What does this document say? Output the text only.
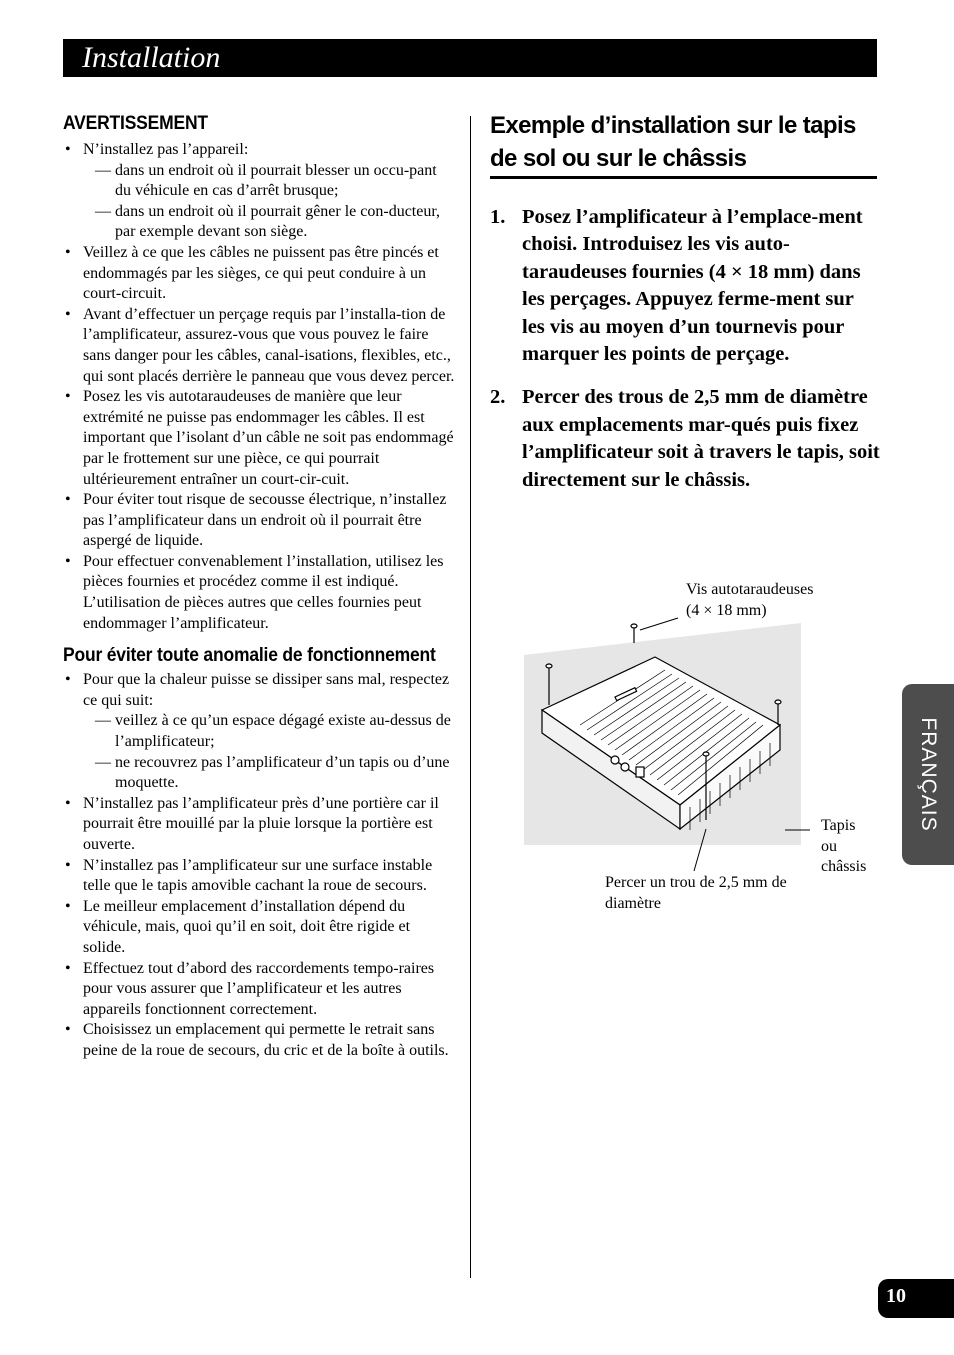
Installation
AVERTISSEMENT
• N’installez pas l’appareil:
— dans un endroit où il pourrait blesser un occu-pant du véhicule en cas d’arrêt brusque;
— dans un endroit où il pourrait gêner le con-ducteur, par exemple devant son siège.
• Veillez à ce que les câbles ne puissent pas être pincés et endommagés par les sièges, ce qui peut conduire à un court-circuit.
• Avant d’effectuer un perçage requis par l’installa-tion de l’amplificateur, assurez-vous que vous pouvez le faire sans danger pour les câbles, canal-isations, flexibles, etc., qui sont placés derrière le panneau que vous devez percer.
• Posez les vis autotaraudeuses de manière que leur extrémité ne puisse pas endommager les câbles. Il est important que l’isolant d’un câble ne soit pas endommagé par le frottement sur une pièce, ce qui pourrait ultérieurement entraîner un court-cir-cuit.
• Pour éviter tout risque de secousse électrique, n’installez pas l’amplificateur dans un endroit où il pourrait être aspergé de liquide.
• Pour effectuer convenablement l’installation, utilisez les pièces fournies et procédez comme il est indiqué. L’utilisation de pièces autres que celles fournies peut endommager l’amplificateur.
Pour éviter toute anomalie de fonctionnement
• Pour que la chaleur puisse se dissiper sans mal, respectez ce qui suit:
— veillez à ce qu’un espace dégagé existe au-dessus de l’amplificateur;
— ne recouvrez pas l’amplificateur d’un tapis ou d’une moquette.
• N’installez pas l’amplificateur près d’une portière car il pourrait être mouillé par la pluie lorsque la portière est ouverte.
• N’installez pas l’amplificateur sur une surface instable telle que le tapis amovible cachant la roue de secours.
• Le meilleur emplacement d’installation dépend du véhicule, mais, quoi qu’il en soit, doit être rigide et solide.
• Effectuez tout d’abord des raccordements tempo-raires pour vous assurer que l’amplificateur et les autres appareils fonctionnent correctement.
• Choisissez un emplacement qui permette le retrait sans peine de la roue de secours, du cric et de la boîte à outils.
Exemple d’installation sur le tapis de sol ou sur le châssis
1. Posez l’amplificateur à l’emplace-ment choisi. Introduisez les vis auto-taraudeuses fournies (4 × 18 mm) dans les perçages. Appuyez ferme-ment sur les vis au moyen d’un tournevis pour marquer les points de perçage.
2. Percer des trous de 2,5 mm de diamètre aux emplacements mar-qués puis fixez l’amplificateur soit à travers le tapis, soit directement sur le châssis.
Vis autotaraudeuses
(4 × 18 mm)
Tapis ou
châssis
Percer un trou de 2,5 mm de
diamètre
FRANÇAIS
10
